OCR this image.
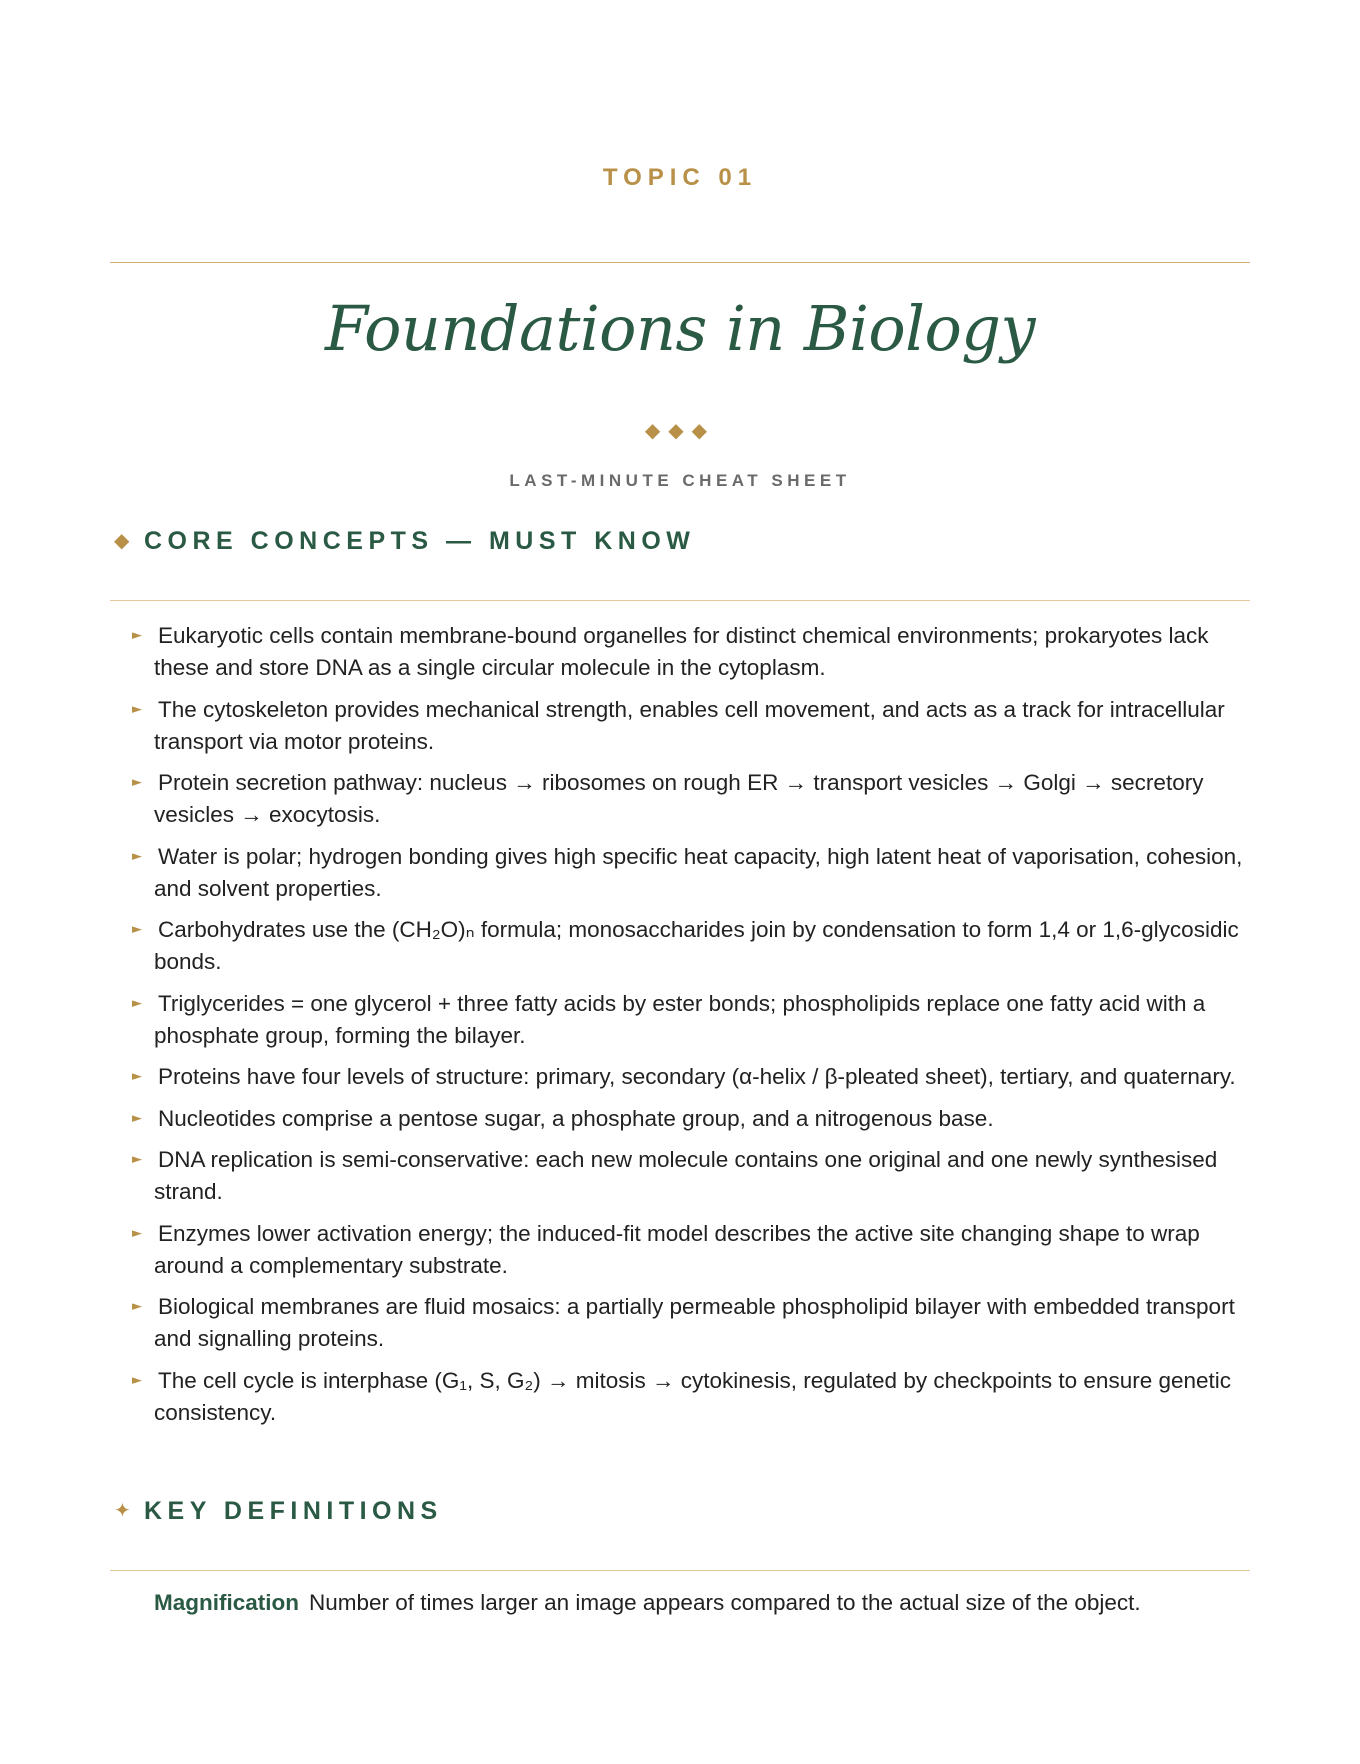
TOPIC 01
Foundations in Biology
◆◆◆
LAST-MINUTE CHEAT SHEET
◆ CORE CONCEPTS — MUST KNOW
► Eukaryotic cells contain membrane-bound organelles for distinct chemical environments; prokaryotes lack these and store DNA as a single circular molecule in the cytoplasm.
► The cytoskeleton provides mechanical strength, enables cell movement, and acts as a track for intracellular transport via motor proteins.
► Protein secretion pathway: nucleus → ribosomes on rough ER → transport vesicles → Golgi → secretory vesicles → exocytosis.
► Water is polar; hydrogen bonding gives high specific heat capacity, high latent heat of vaporisation, cohesion, and solvent properties.
► Carbohydrates use the (CH₂O)ₙ formula; monosaccharides join by condensation to form 1,4 or 1,6-glycosidic bonds.
► Triglycerides = one glycerol + three fatty acids by ester bonds; phospholipids replace one fatty acid with a phosphate group, forming the bilayer.
► Proteins have four levels of structure: primary, secondary (α-helix / β-pleated sheet), tertiary, and quaternary.
► Nucleotides comprise a pentose sugar, a phosphate group, and a nitrogenous base.
► DNA replication is semi-conservative: each new molecule contains one original and one newly synthesised strand.
► Enzymes lower activation energy; the induced-fit model describes the active site changing shape to wrap around a complementary substrate.
► Biological membranes are fluid mosaics: a partially permeable phospholipid bilayer with embedded transport and signalling proteins.
► The cell cycle is interphase (G₁, S, G₂) → mitosis → cytokinesis, regulated by checkpoints to ensure genetic consistency.
✦ KEY DEFINITIONS
Magnification Number of times larger an image appears compared to the actual size of the object.
